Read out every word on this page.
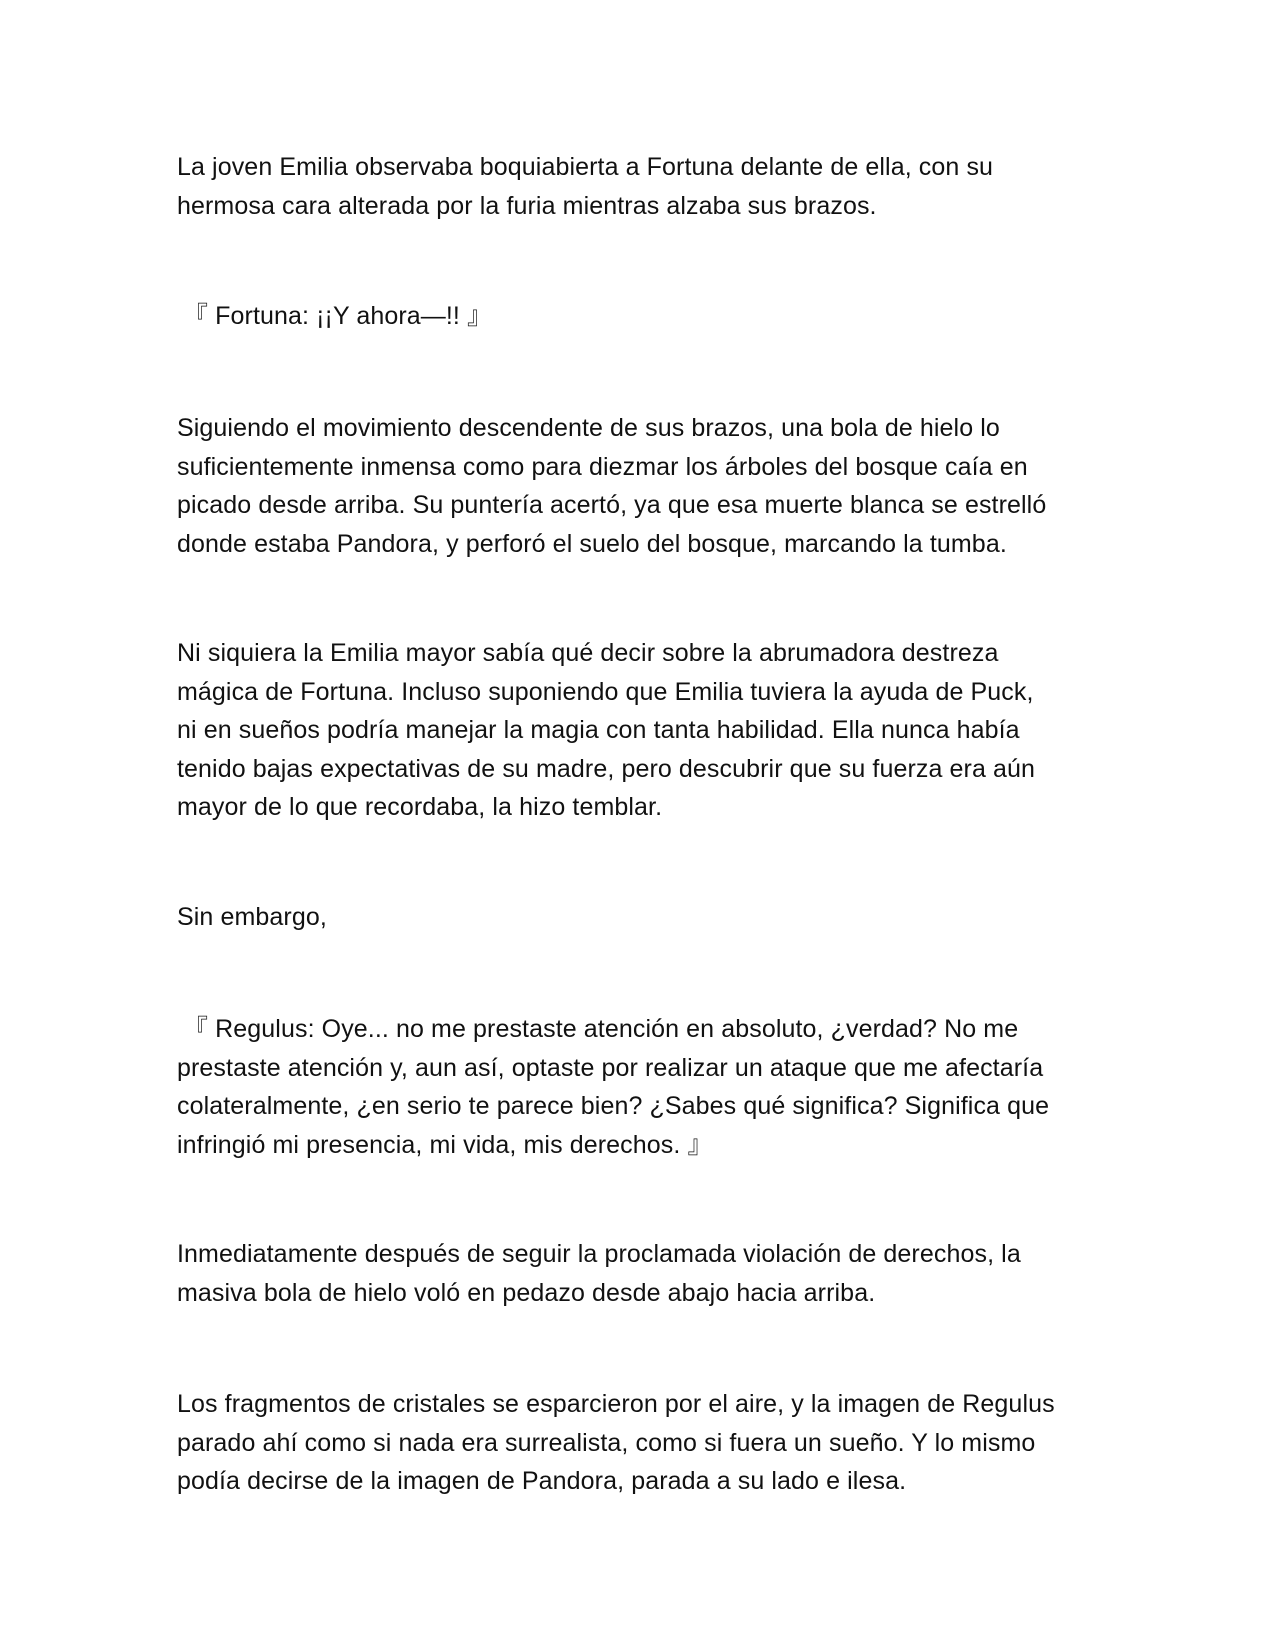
La joven Emilia observaba boquiabierta a Fortuna delante de ella, con su
hermosa cara alterada por la furia mientras alzaba sus brazos.

『 Fortuna: ¡¡Y ahora—!! 』

Siguiendo el movimiento descendente de sus brazos, una bola de hielo lo
suficientemente inmensa como para diezmar los árboles del bosque caía en
picado desde arriba. Su puntería acertó, ya que esa muerte blanca se estrelló
donde estaba Pandora, y perforó el suelo del bosque, marcando la tumba.

Ni siquiera la Emilia mayor sabía qué decir sobre la abrumadora destreza
mágica de Fortuna. Incluso suponiendo que Emilia tuviera la ayuda de Puck,
ni en sueños podría manejar la magia con tanta habilidad. Ella nunca había
tenido bajas expectativas de su madre, pero descubrir que su fuerza era aún
mayor de lo que recordaba, la hizo temblar.

Sin embargo,

『 Regulus: Oye... no me prestaste atención en absoluto, ¿verdad? No me
prestaste atención y, aun así, optaste por realizar un ataque que me afectaría
colateralmente, ¿en serio te parece bien? ¿Sabes qué significa? Significa que
infringió mi presencia, mi vida, mis derechos. 』

Inmediatamente después de seguir la proclamada violación de derechos, la
masiva bola de hielo voló en pedazo desde abajo hacia arriba.

Los fragmentos de cristales se esparcieron por el aire, y la imagen de Regulus
parado ahí como si nada era surrealista, como si fuera un sueño. Y lo mismo
podía decirse de la imagen de Pandora, parada a su lado e ilesa.
